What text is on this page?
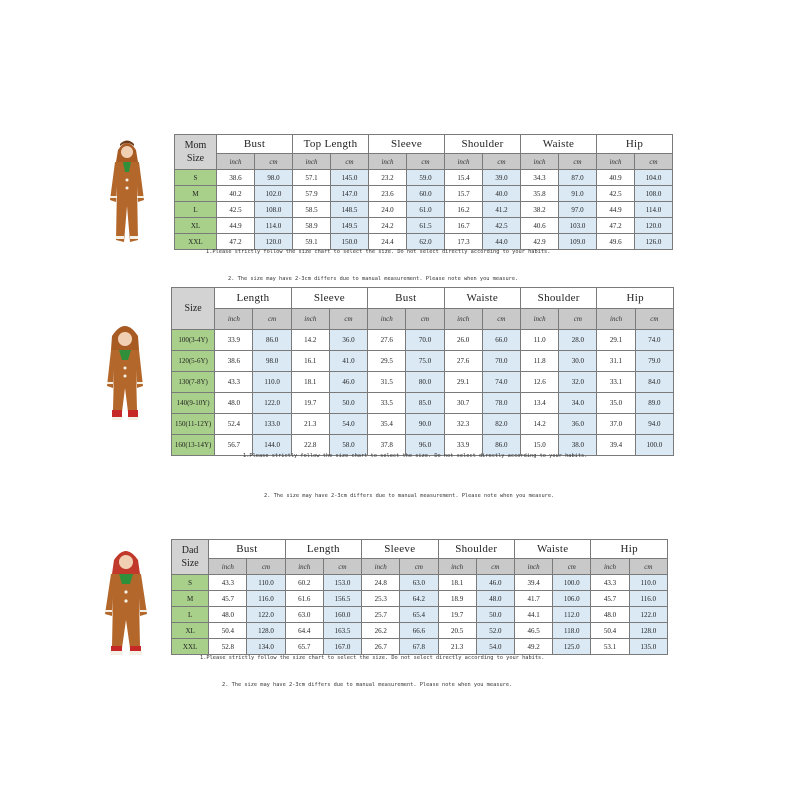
Mom Size	Bust		Top Length		Sleeve		Shoulder		Waiste		Hip	
	inch	cm	inch	cm	inch	cm	inch	cm	inch	cm	inch	cm
S	38.6	98.0	57.1	145.0	23.2	59.0	15.4	39.0	34.3	87.0	40.9	104.0
M	40.2	102.0	57.9	147.0	23.6	60.0	15.7	40.0	35.8	91.0	42.5	108.0
L	42.5	108.0	58.5	148.5	24.0	61.0	16.2	41.2	38.2	97.0	44.9	114.0
XL	44.9	114.0	58.9	149.5	24.2	61.5	16.7	42.5	40.6	103.0	47.2	120.0
XXL	47.2	120.0	59.1	150.0	24.4	62.0	17.3	44.0	42.9	109.0	49.6	126.0

1.Please strictly follow the size chart to select the size. Do not select directly according to your habits.

2. The size may have 2-3cm differs due to manual measurement. Please note when you measure.

Size	Length		Sleeve		Bust		Waiste		Shoulder		Hip	
	inch	cm	inch	cm	inch	cm	inch	cm	inch	cm	inch	cm
100(3-4Y)	33.9	86.0	14.2	36.0	27.6	70.0	26.0	66.0	11.0	28.0	29.1	74.0
120(5-6Y)	38.6	98.0	16.1	41.0	29.5	75.0	27.6	70.0	11.8	30.0	31.1	79.0
130(7-8Y)	43.3	110.0	18.1	46.0	31.5	80.0	29.1	74.0	12.6	32.0	33.1	84.0
140(9-10Y)	48.0	122.0	19.7	50.0	33.5	85.0	30.7	78.0	13.4	34.0	35.0	89.0
150(11-12Y)	52.4	133.0	21.3	54.0	35.4	90.0	32.3	82.0	14.2	36.0	37.0	94.0
160(13-14Y)	56.7	144.0	22.8	58.0	37.8	96.0	33.9	86.0	15.0	38.0	39.4	100.0

1.Please strictly follow the size chart to select the size. Do not select directly according to your habits.

2. The size may have 2-3cm differs due to manual measurement. Please note when you measure.

Dad Size	Bust		Length		Sleeve		Shoulder		Waiste		Hip	
	inch	cm	inch	cm	inch	cm	inch	cm	inch	cm	inch	cm
S	43.3	110.0	60.2	153.0	24.8	63.0	18.1	46.0	39.4	100.0	43.3	110.0
M	45.7	116.0	61.6	156.5	25.3	64.2	18.9	48.0	41.7	106.0	45.7	116.0
L	48.0	122.0	63.0	160.0	25.7	65.4	19.7	50.0	44.1	112.0	48.0	122.0
XL	50.4	128.0	64.4	163.5	26.2	66.6	20.5	52.0	46.5	118.0	50.4	128.0
XXL	52.8	134.0	65.7	167.0	26.7	67.8	21.3	54.0	49.2	125.0	53.1	135.0

1.Please strictly follow the size chart to select the size. Do not select directly according to your habits.

2. The size may have 2-3cm differs due to manual measurement. Please note when you measure.
